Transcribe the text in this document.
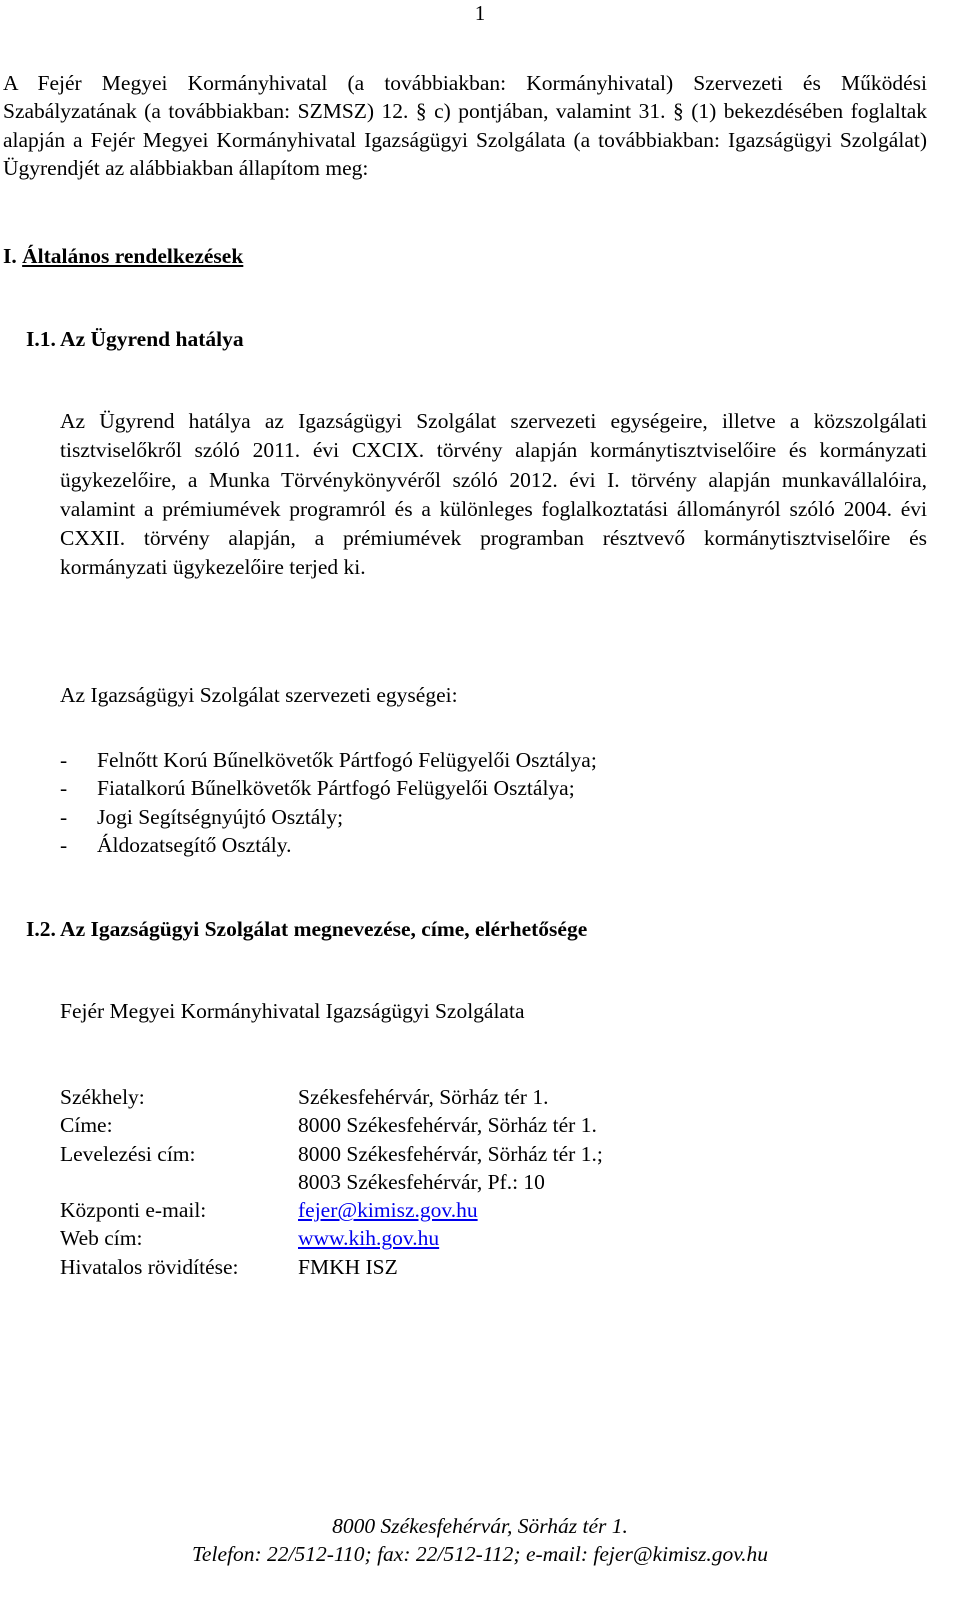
1

A Fejér Megyei Kormányhivatal (a továbbiakban: Kormányhivatal) Szervezeti és Működési Szabályzatának (a továbbiakban: SZMSZ) 12. § c) pontjában, valamint 31. § (1) bekezdésében foglaltak alapján a Fejér Megyei Kormányhivatal Igazságügyi Szolgálata (a továbbiakban: Igazságügyi Szolgálat) Ügyrendjét az alábbiakban állapítom meg:

I. Általános rendelkezések
I.1. Az Ügyrend hatálya

Az Ügyrend hatálya az Igazságügyi Szolgálat szervezeti egységeire, illetve a közszolgálati tisztviselőkről szóló 2011. évi CXCIX. törvény alapján kormánytisztviselőire és kormányzati ügykezelőire, a Munka Törvénykönyvéről szóló 2012. évi I. törvény alapján munkavállalóira, valamint a prémiumévek programról és a különleges foglalkoztatási állományról szóló 2004. évi CXXII. törvény alapján, a prémiumévek programban résztvevő kormánytisztviselőire és kormányzati ügykezelőire terjed ki.

Az Igazságügyi Szolgálat szervezeti egységei:
- Felnőtt Korú Bűnelkövetők Pártfogó Felügyelői Osztálya;
- Fiatalkorú Bűnelkövetők Pártfogó Felügyelői Osztálya;
- Jogi Segítségnyújtó Osztály;
- Áldozatsegítő Osztály.
I.2. Az Igazságügyi Szolgálat megnevezése, címe, elérhetősége
Fejér Megyei Kormányhivatal Igazságügyi Szolgálata
Székhely:	Székesfehérvár, Sörház tér 1.
Címe:	8000 Székesfehérvár, Sörház tér 1.
Levelezési cím:	8000 Székesfehérvár, Sörház tér 1.;
8003 Székesfehérvár, Pf.: 10
Központi e-mail:	fejer@kimisz.gov.hu
Web cím:	www.kih.gov.hu
Hivatalos rövidítése:	FMKH ISZ
8000 Székesfehérvár, Sörház tér 1.
Telefon: 22/512-110; fax: 22/512-112; e-mail: fejer@kimisz.gov.hu
